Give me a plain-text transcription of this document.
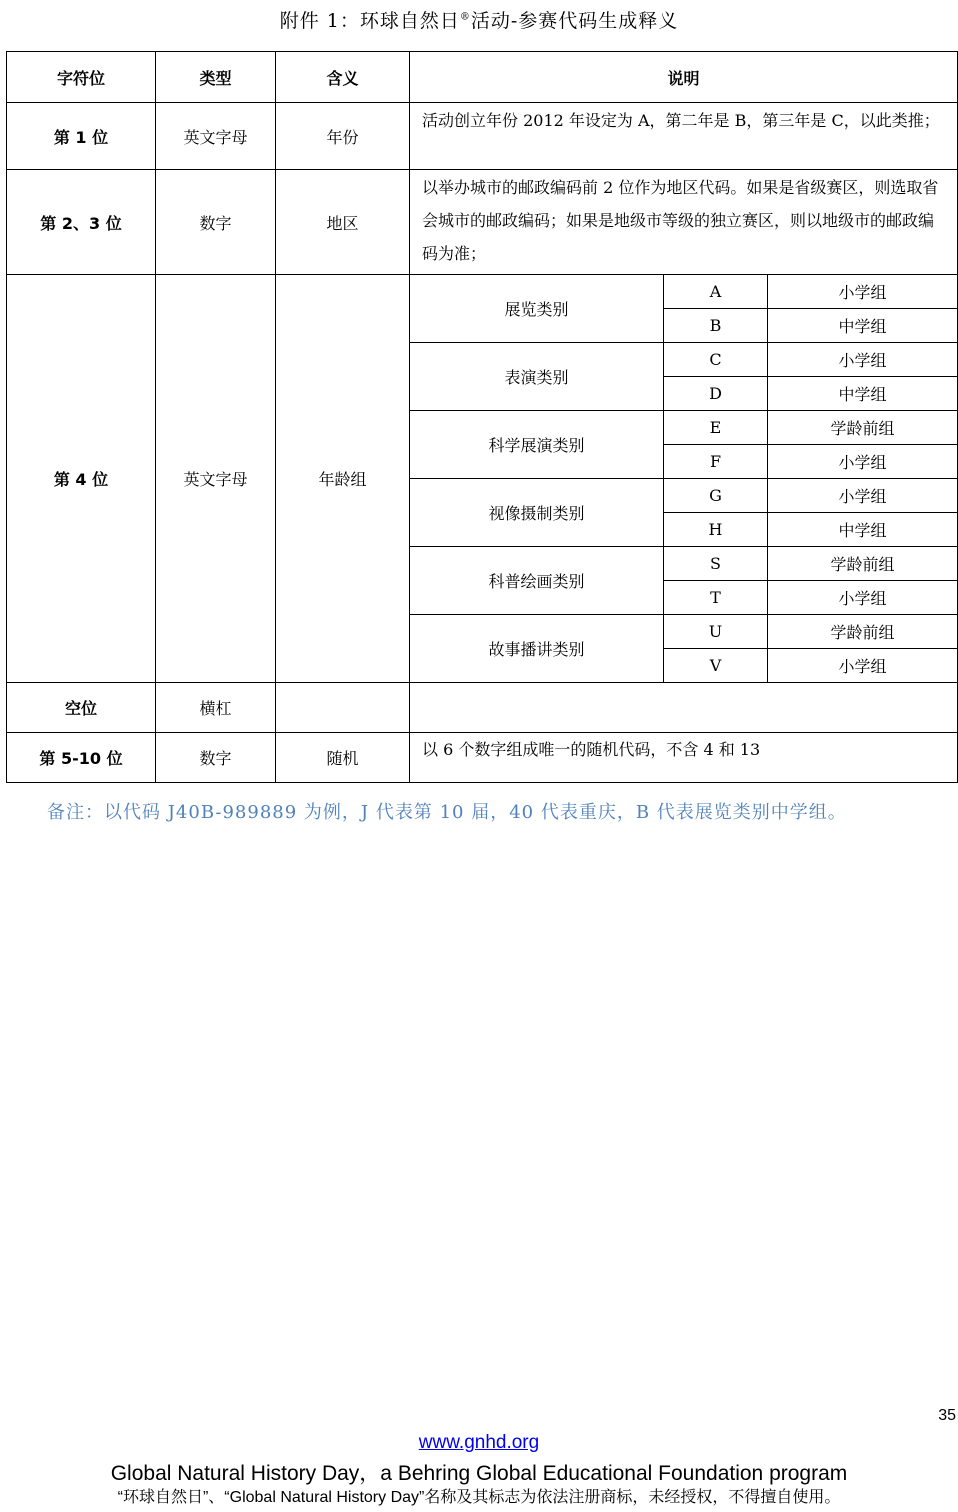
附件 1：环球自然日®活动-参赛代码生成释义
字符位	类型	含义	说明		
第 1 位	英文字母	年份	活动创立年份 2012 年设定为 A，第二年是 B，第三年是 C，以此类推；		
第 2、3 位	数字	地区	以举办城市的邮政编码前 2 位作为地区代码。如果是省级赛区，则选取省会城市的邮政编码；如果是地级市等级的独立赛区，则以地级市的邮政编码为准；		
第 4 位	英文字母	年龄组	展览类别	A	小学组
				B	中学组
			表演类别	C	小学组
				D	中学组
			科学展演类别	E	学龄前组
				F	小学组
			视像摄制类别	G	小学组
				H	中学组
			科普绘画类别	S	学龄前组
				T	小学组
			故事播讲类别	U	学龄前组
				V	小学组
空位	横杠				
第 5-10 位	数字	随机	以 6 个数字组成唯一的随机代码，不含 4 和 13		
备注：以代码 J40B-989889 为例，J 代表第 10 届，40 代表重庆，B 代表展览类别中学组。
35
www.gnhd.org
Global Natural History Day，a Behring Global Educational Foundation program
“环球自然日”、“Global Natural History Day”名称及其标志为依法注册商标，未经授权，不得擅自使用。
